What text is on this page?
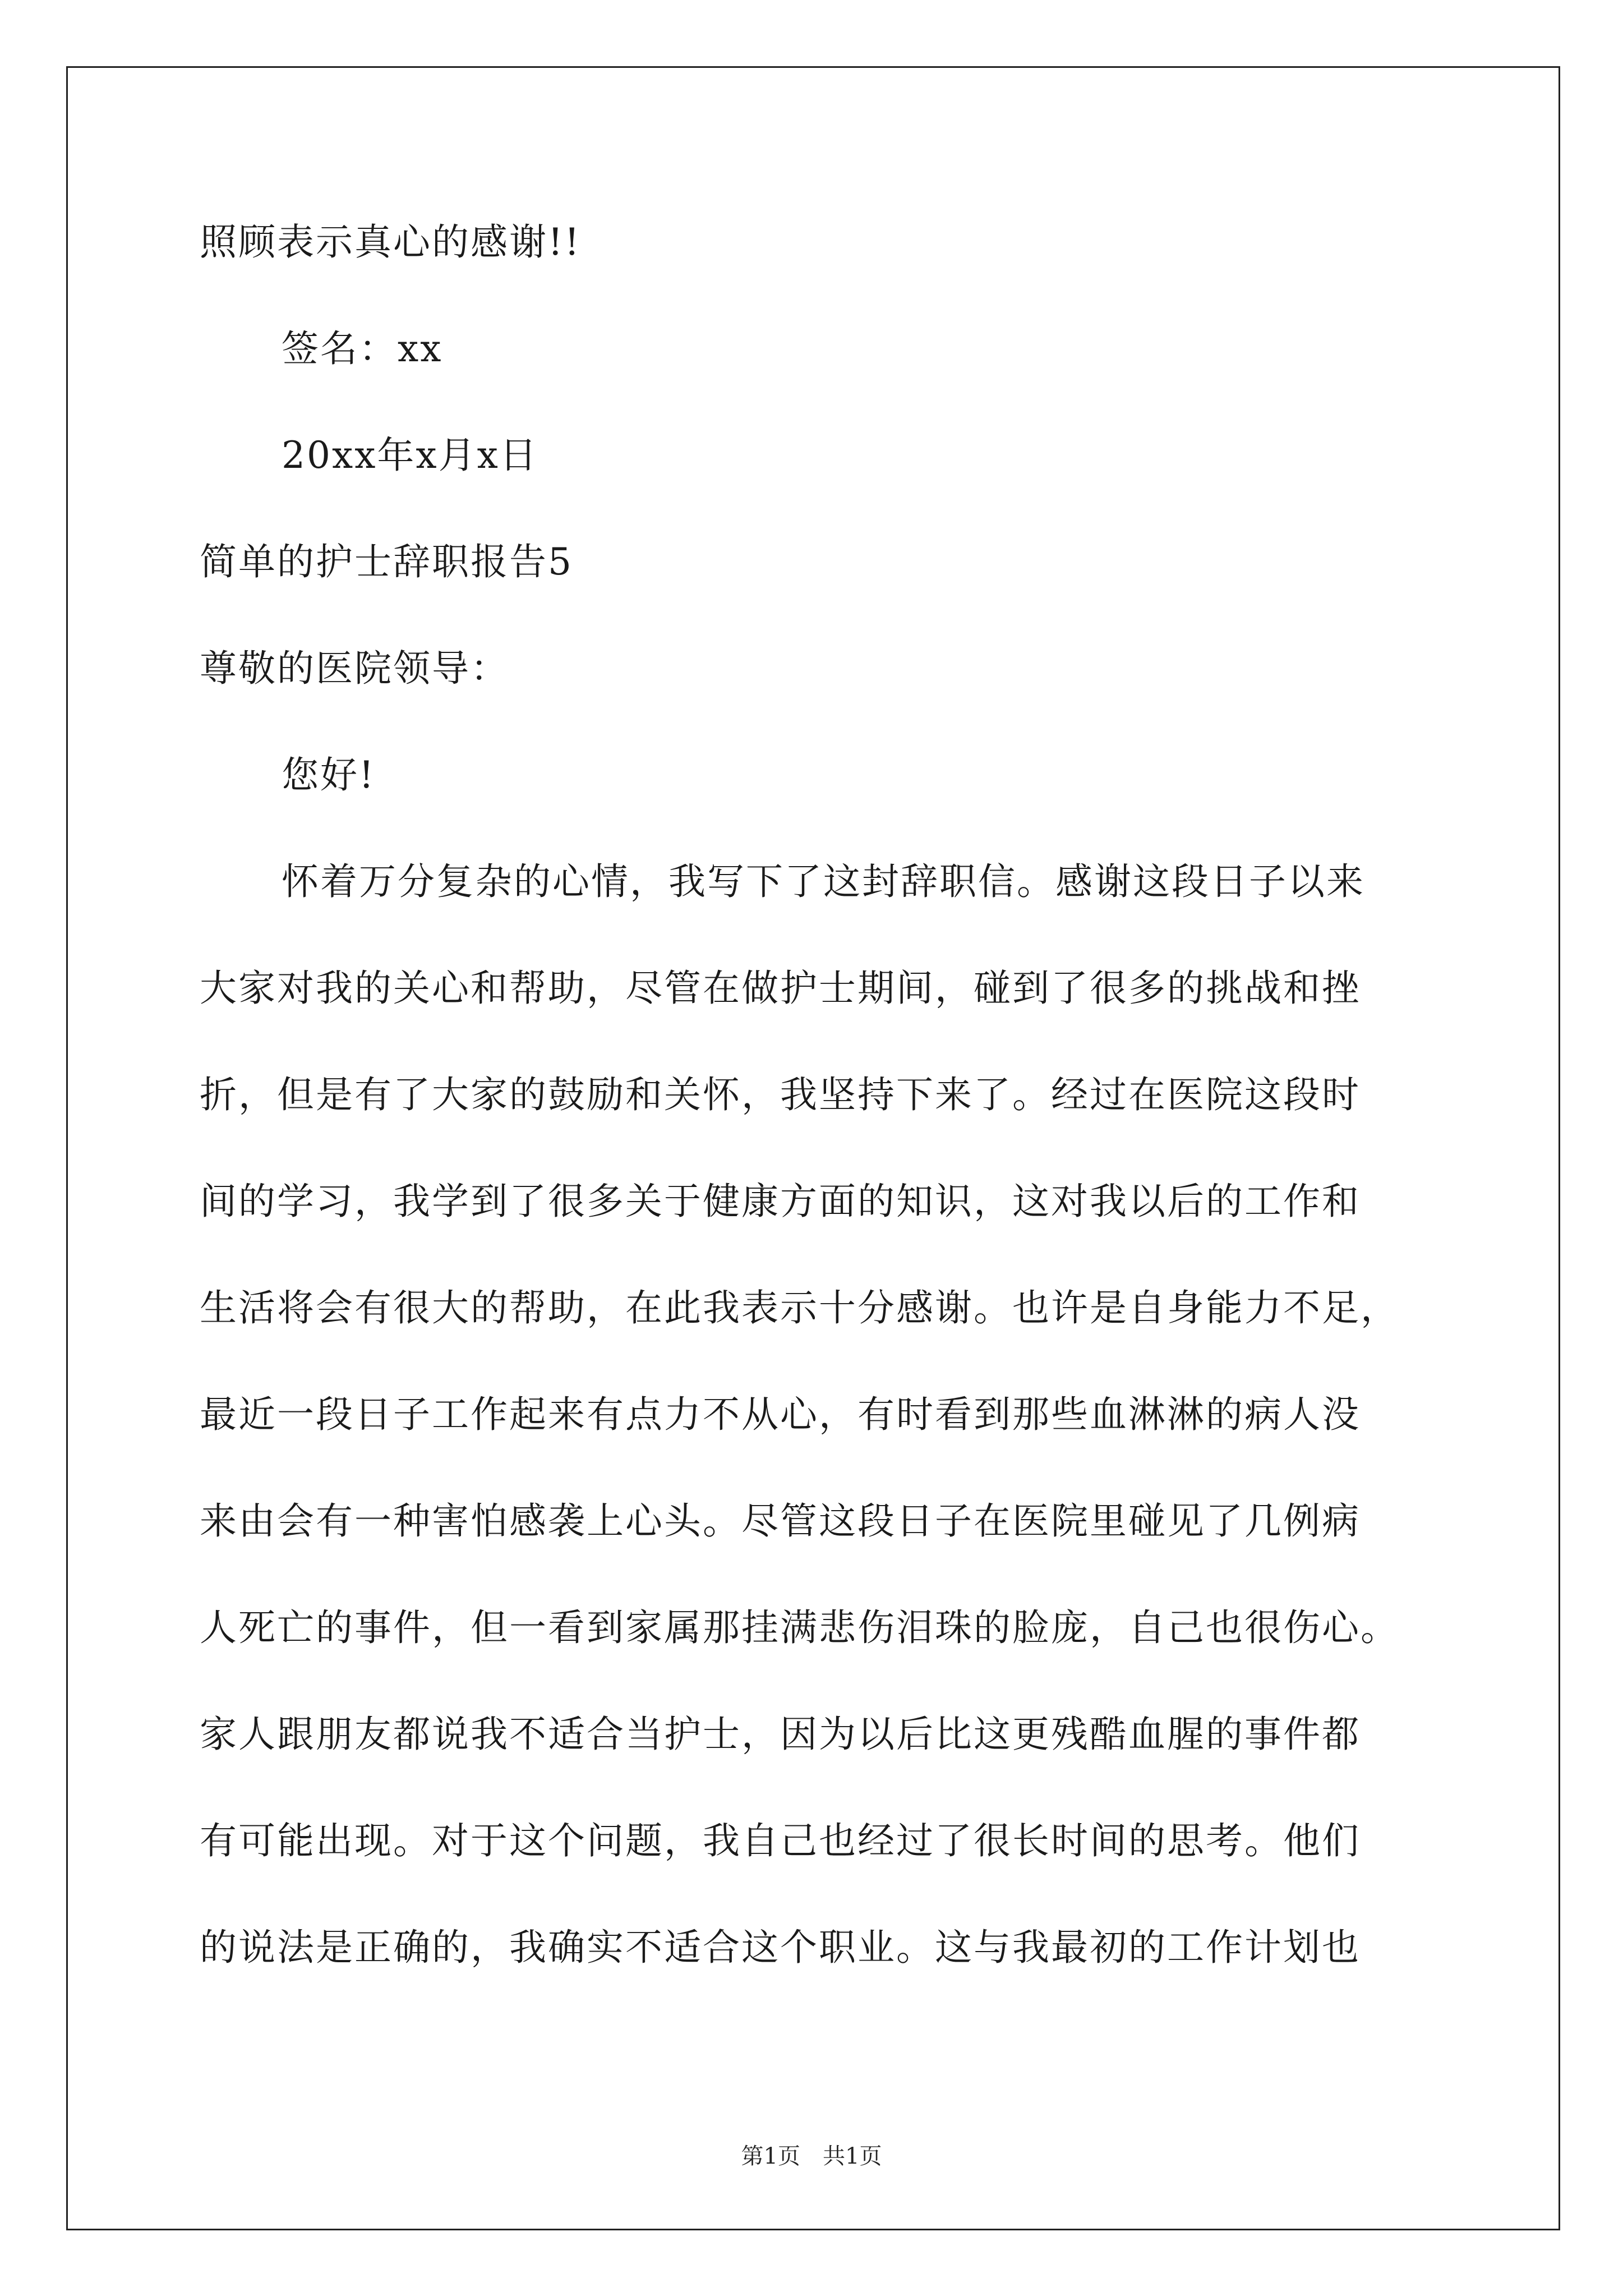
照顾表示真心的感谢!!
签名：xx
20xx年x月x日
简单的护士辞职报告5
尊敬的医院领导：
您好!
怀着万分复杂的心情，我写下了这封辞职信。感谢这段日子以来
大家对我的关心和帮助，尽管在做护士期间，碰到了很多的挑战和挫
折，但是有了大家的鼓励和关怀，我坚持下来了。经过在医院这段时
间的学习，我学到了很多关于健康方面的知识，这对我以后的工作和
生活将会有很大的帮助，在此我表示十分感谢。也许是自身能力不足，
最近一段日子工作起来有点力不从心，有时看到那些血淋淋的病人没
来由会有一种害怕感袭上心头。尽管这段日子在医院里碰见了几例病
人死亡的事件，但一看到家属那挂满悲伤泪珠的脸庞，自己也很伤心。
家人跟朋友都说我不适合当护士，因为以后比这更残酷血腥的事件都
有可能出现。对于这个问题，我自己也经过了很长时间的思考。他们
的说法是正确的，我确实不适合这个职业。这与我最初的工作计划也
第1页 共1页
